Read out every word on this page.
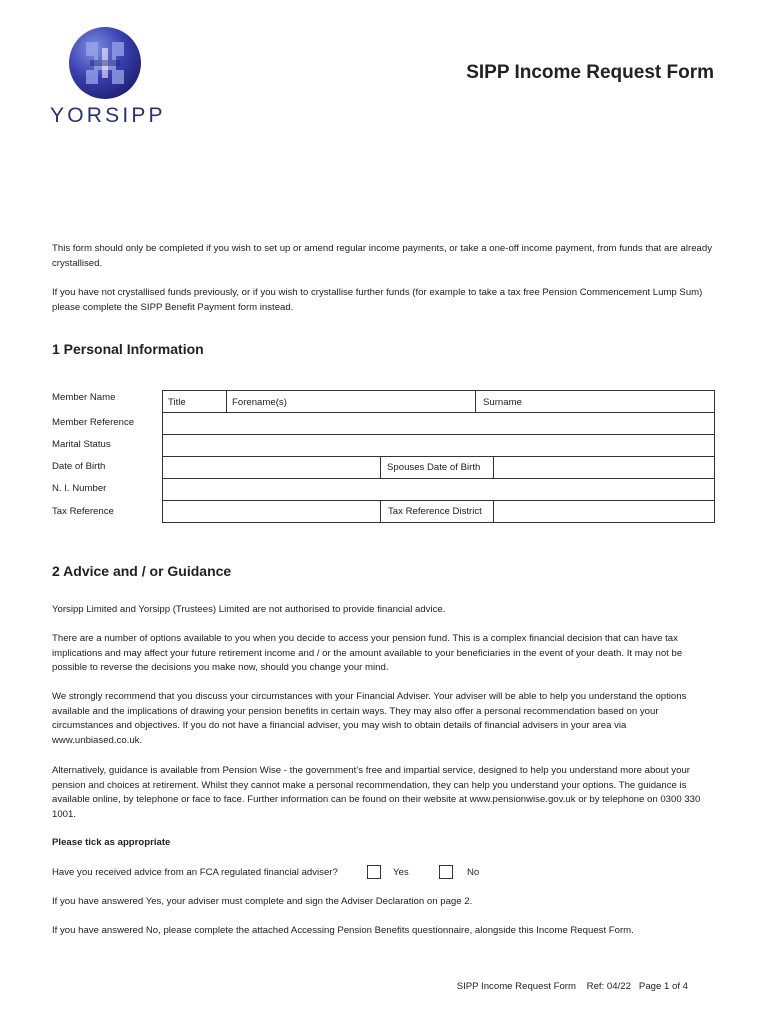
YORSIPP
SIPP Income Request Form
This form should only be completed if you wish to set up or amend regular income payments, or take a one-off income payment, from funds that are already crystallised.
If you have not crystallised funds previously, or if you wish to crystallise further funds (for example to take a tax free Pension Commencement Lump Sum) please complete the SIPP Benefit Payment form instead.
1 Personal Information
Member Name	Title	Forename(s)	Surname
Member Reference
Marital Status
Date of Birth	Spouses Date of Birth
N. I. Number
Tax Reference	Tax Reference District
2 Advice and / or Guidance
Yorsipp Limited and Yorsipp (Trustees) Limited are not authorised to provide financial advice.
There are a number of options available to you when you decide to access your pension fund. This is a complex financial decision that can have tax implications and may affect your future retirement income and / or the amount available to your beneficiaries in the event of your death. It may not be possible to reverse the decisions you make now, should you change your mind.
We strongly recommend that you discuss your circumstances with your Financial Adviser. Your adviser will be able to help you understand the options available and the implications of drawing your pension benefits in certain ways. They may also offer a personal recommendation based on your circumstances and objectives. If you do not have a financial adviser, you may wish to obtain details of financial advisers in your area via www.unbiased.co.uk.
Alternatively, guidance is available from Pension Wise - the government’s free and impartial service, designed to help you understand more about your pension and choices at retirement. Whilst they cannot make a personal recommendation, they can help you understand your options. The guidance is available online, by telephone or face to face. Further information can be found on their website at www.pensionwise.gov.uk or by telephone on 0300 330 1001.
Please tick as appropriate
Have you received advice from an FCA regulated financial adviser?	Yes	No
If you have answered Yes, your adviser must complete and sign the Adviser Declaration on page 2.
If you have answered No, please complete the attached Accessing Pension Benefits questionnaire, alongside this Income Request Form.
SIPP Income Request Form Ref: 04/22 Page 1 of 4
